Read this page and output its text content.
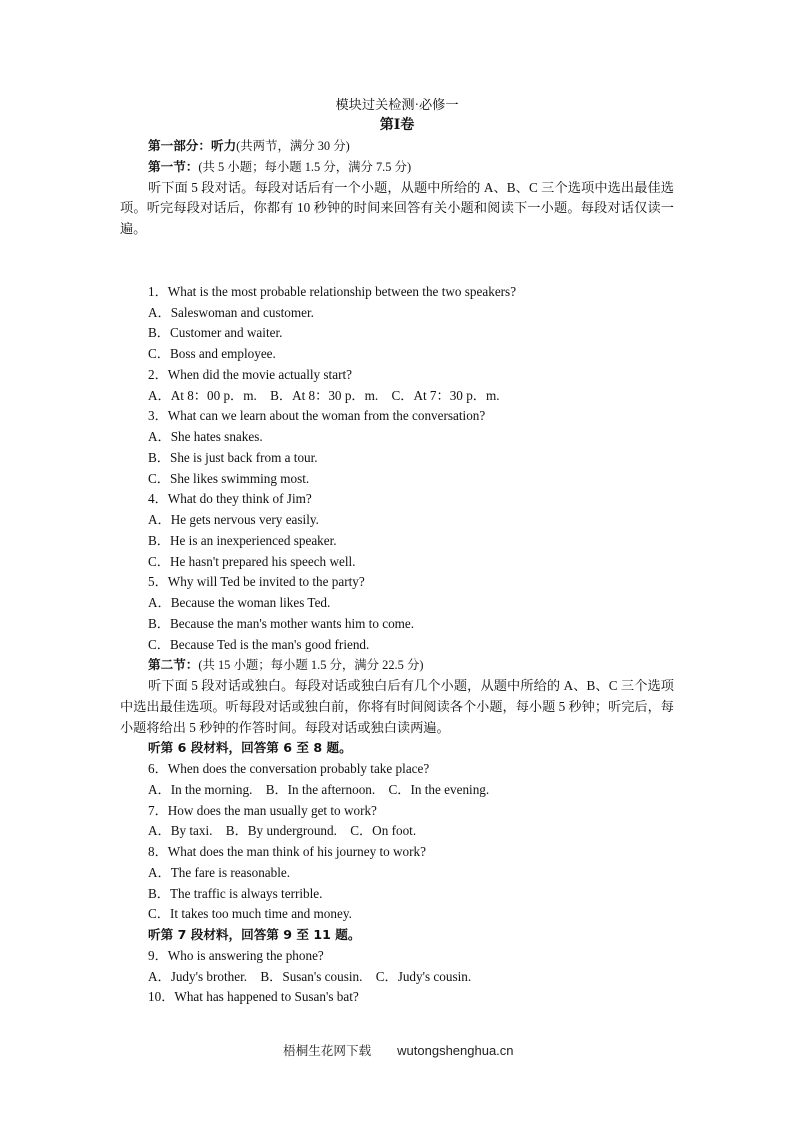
模块过关检测·必修一
第Ⅰ卷
第一部分：听力(共两节，满分 30 分)
第一节：(共 5 小题；每小题 1.5 分，满分 7.5 分)
听下面 5 段对话。每段对话后有一个小题，从题中所给的 A、B、C 三个选项中选出最佳选项。听完每段对话后，你都有 10 秒钟的时间来回答有关小题和阅读下一小题。每段对话仅读一遍。
1．What is the most probable relationship between the two speakers?
A．Saleswoman and customer.
B．Customer and waiter.
C．Boss and employee.
2．When did the movie actually start?
A．At 8：00 p．m. B．At 8：30 p．m. C．At 7：30 p．m.
3．What can we learn about the woman from the conversation?
A．She hates snakes.
B．She is just back from a tour.
C．She likes swimming most.
4．What do they think of Jim?
A．He gets nervous very easily.
B．He is an inexperienced speaker.
C．He hasn't prepared his speech well.
5．Why will Ted be invited to the party?
A．Because the woman likes Ted.
B．Because the man's mother wants him to come.
C．Because Ted is the man's good friend.
第二节：(共 15 小题；每小题 1.5 分，满分 22.5 分)
听下面 5 段对话或独白。每段对话或独白后有几个小题，从题中所给的 A、B、C 三个选项中选出最佳选项。听每段对话或独白前，你将有时间阅读各个小题，每小题 5 秒钟；听完后，每小题将给出 5 秒钟的作答时间。每段对话或独白读两遍。
听第 6 段材料，回答第 6 至 8 题。
6．When does the conversation probably take place?
A．In the morning. B．In the afternoon. C．In the evening.
7．How does the man usually get to work?
A．By taxi. B．By underground. C．On foot.
8．What does the man think of his journey to work?
A．The fare is reasonable.
B．The traffic is always terrible.
C．It takes too much time and money.
听第 7 段材料，回答第 9 至 11 题。
9．Who is answering the phone?
A．Judy's brother. B．Susan's cousin. C．Judy's cousin.
10．What has happened to Susan's bat?
梧桐生花网下载 wutongshenghua.cn
